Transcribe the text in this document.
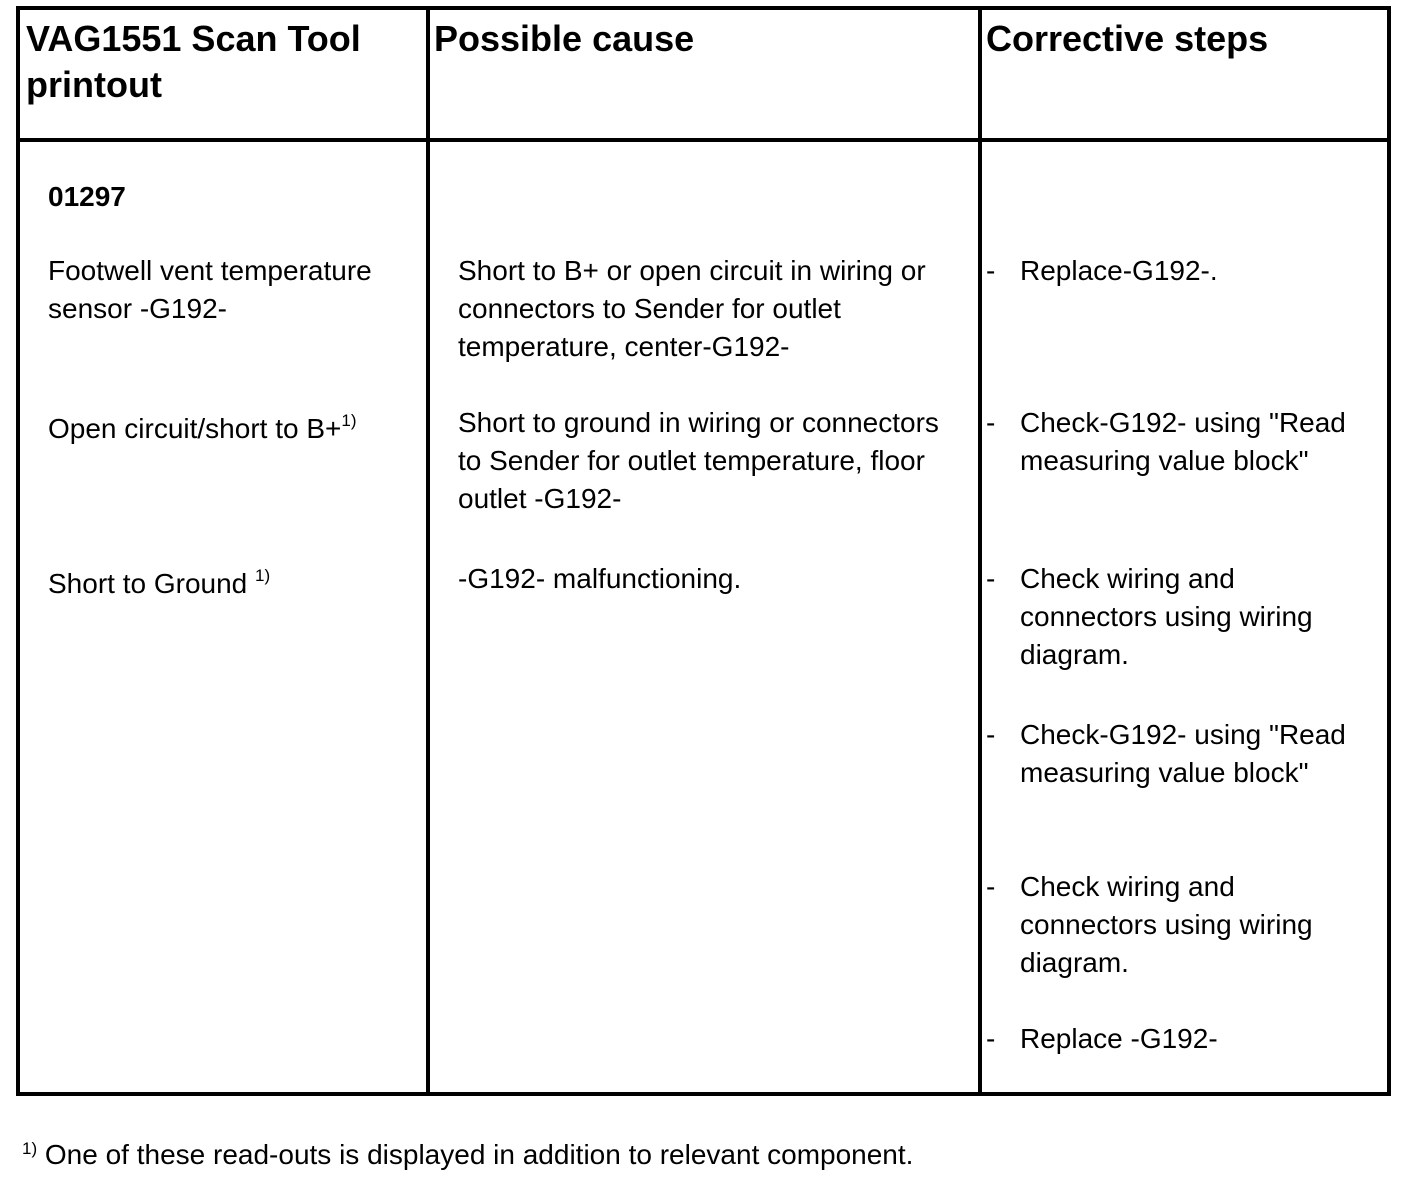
VAG1551 Scan Tool printout
Possible cause	Corrective steps
01297
Footwell vent temperature sensor -G192-
Open circuit/short to B+$^{1)}$
Short to Ground $^{1)}$
Short to B+ or open circuit in wiring or connectors to Sender for outlet temperature, center-G192-
Short to ground in wiring or connectors to Sender for outlet temperature, floor outlet -G192-
-G192- malfunctioning.
- Replace-G192-.
- Check-G192- using "Read measuring value block"
- Check wiring and connectors using wiring diagram.
- Check-G192- using "Read measuring value block"
- Check wiring and connectors using wiring diagram.
- Replace -G192-
$^{1)}$ One of these read-outs is displayed in addition to relevant component.
